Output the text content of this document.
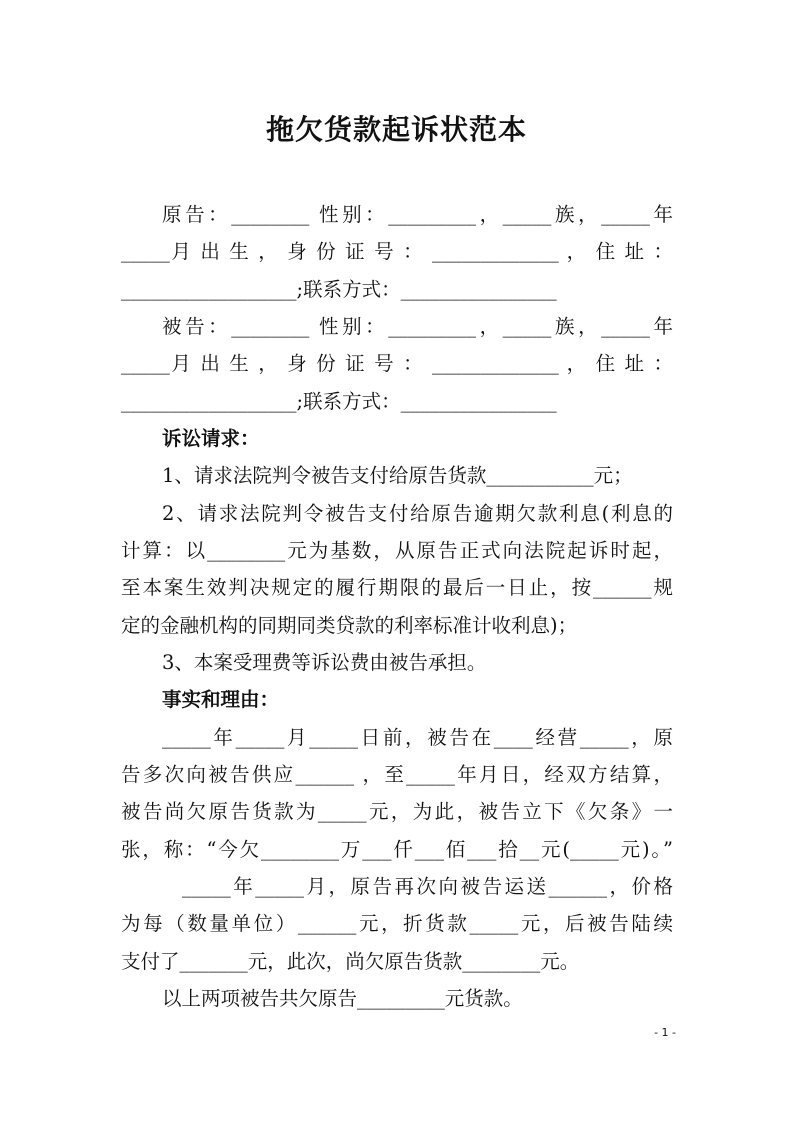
拖欠货款起诉状范本
原告：________ 性别：_________，_____族，_____年
_____月 出 生 ， 身 份 证 号 ： _____________ ， 住 址 ：
__________________;联系方式：________________
被告：________ 性别：_________，_____族，_____年
_____月 出 生 ， 身 份 证 号 ： _____________ ， 住 址 ：
__________________;联系方式：________________
诉讼请求：
1、请求法院判令被告支付给原告货款___________元；
2、请求法院判令被告支付给原告逾期欠款利息(利息的
计算：以________元为基数，从原告正式向法院起诉时起，
至本案生效判决规定的履行期限的最后一日止，按______规
定的金融机构的同期同类贷款的利率标准计收利息)；
3、本案受理费等诉讼费由被告承担。
事实和理由：
_____年_____月_____日前，被告在____经营_____，原
告多次向被告供应______ ，至_____年月日，经双方结算，
被告尚欠原告货款为_____元，为此，被告立下《欠条》一
张，称：“今欠________万___仟___佰___拾__元(_____元)。”
_____年_____月，原告再次向被告运送______，价格
为每（数量单位）______元，折货款_____元，后被告陆续
支付了_______元，此次，尚欠原告货款________元。
以上两项被告共欠原告_________元货款。
- 1 -
